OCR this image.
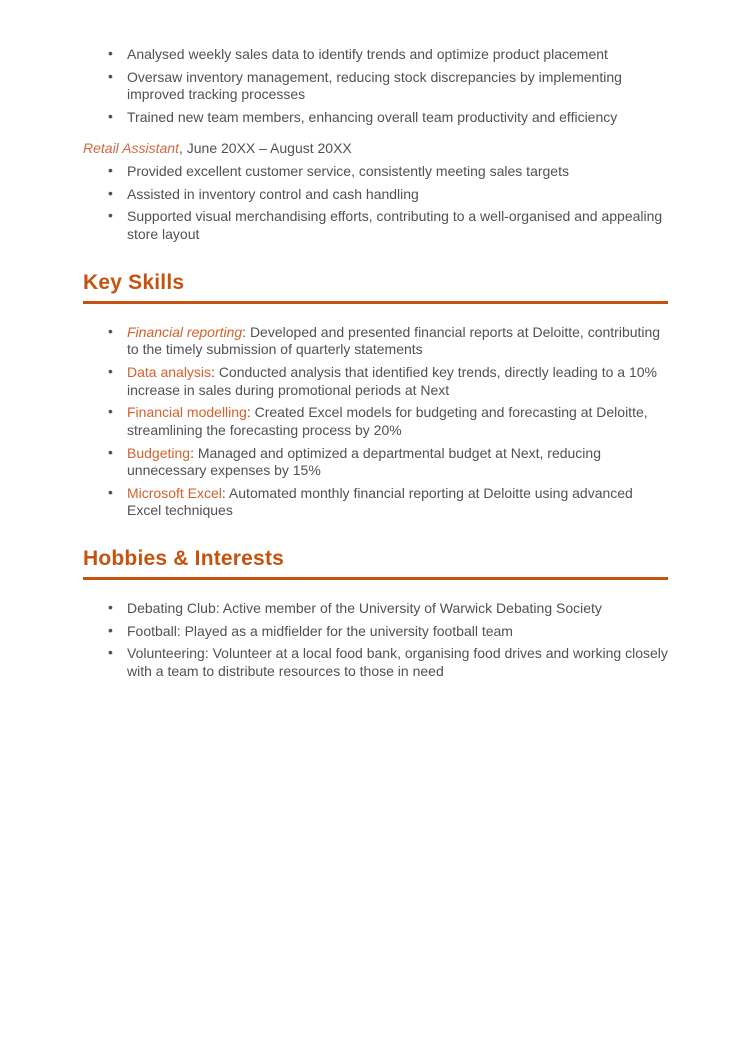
• Analysed weekly sales data to identify trends and optimize product placement
• Oversaw inventory management, reducing stock discrepancies by implementing improved tracking processes
• Trained new team members, enhancing overall team productivity and efficiency

Retail Assistant, June 20XX – August 20XX

• Provided excellent customer service, consistently meeting sales targets
• Assisted in inventory control and cash handling
• Supported visual merchandising efforts, contributing to a well-organised and appealing store layout
Key Skills
• Financial reporting: Developed and presented financial reports at Deloitte, contributing to the timely submission of quarterly statements
• Data analysis: Conducted analysis that identified key trends, directly leading to a 10% increase in sales during promotional periods at Next
• Financial modelling: Created Excel models for budgeting and forecasting at Deloitte, streamlining the forecasting process by 20%
• Budgeting: Managed and optimized a departmental budget at Next, reducing unnecessary expenses by 15%
• Microsoft Excel: Automated monthly financial reporting at Deloitte using advanced Excel techniques
Hobbies & Interests
• Debating Club: Active member of the University of Warwick Debating Society
• Football: Played as a midfielder for the university football team
• Volunteering: Volunteer at a local food bank, organising food drives and working closely with a team to distribute resources to those in need
